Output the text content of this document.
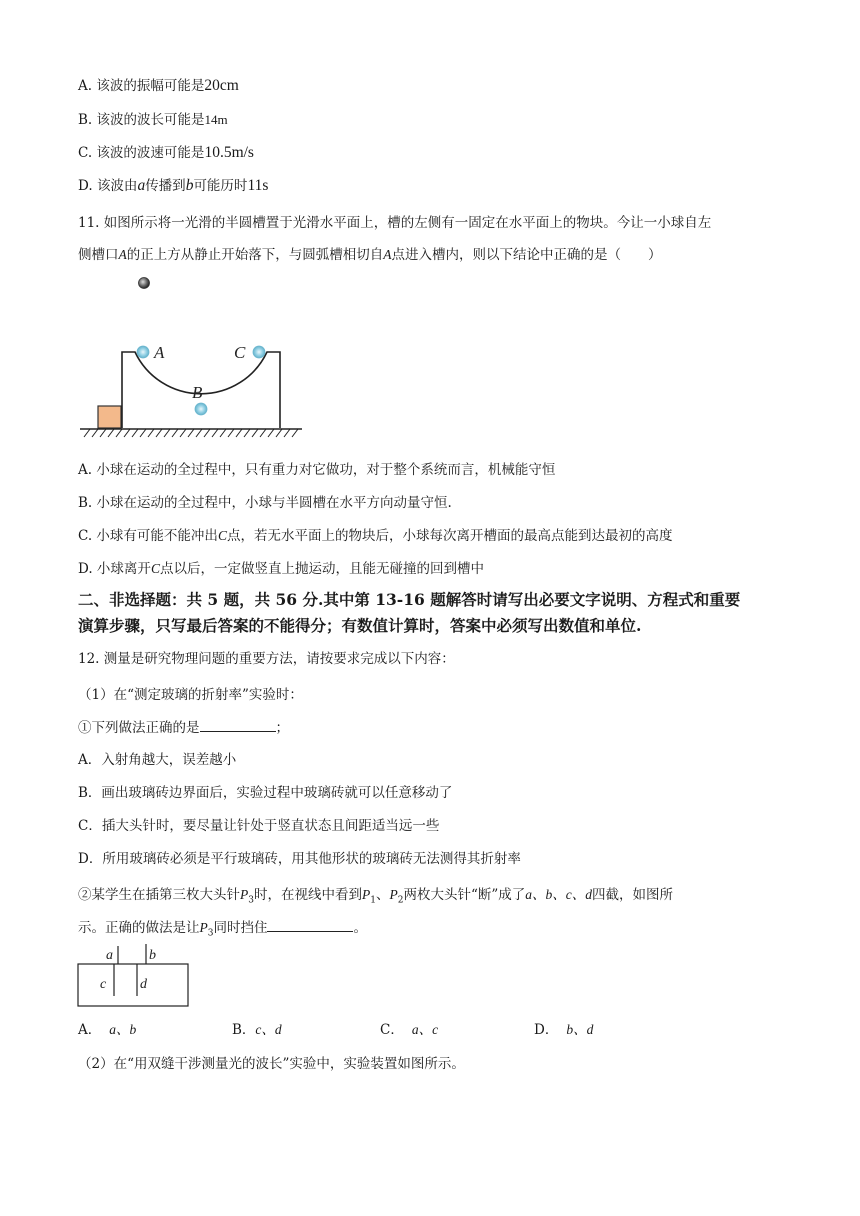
A. 该波的振幅可能是20cm
B. 该波的波长可能是14m
C. 该波的波速可能是10.5m/s
D. 该波由a传播到b可能历时11s
11. 如图所示将一光滑的半圆槽置于光滑水平面上，槽的左侧有一固定在水平面上的物块。今让一小球自左
侧槽口A的正上方从静止开始落下，与圆弧槽相切自A点进入槽内，则以下结论中正确的是（　　）
A
B
C
A. 小球在运动的全过程中，只有重力对它做功，对于整个系统而言，机械能守恒
B. 小球在运动的全过程中，小球与半圆槽在水平方向动量守恒.
C. 小球有可能不能冲出C点，若无水平面上的物块后，小球每次离开槽面的最高点能到达最初的高度
D. 小球离开C点以后，一定做竖直上抛运动，且能无碰撞的回到槽中
二、非选择题：共 5 题，共 56 分.其中第 13-16 题解答时请写出必要文字说明、方程式和重要
演算步骤，只写最后答案的不能得分；有数值计算时，答案中必须写出数值和单位.
12. 测量是研究物理问题的重要方法，请按要求完成以下内容：
（1）在“测定玻璃的折射率”实验时：
①下列做法正确的是	；
A．入射角越大，误差越小
B．画出玻璃砖边界面后，实验过程中玻璃砖就可以任意移动了
C．插大头针时，要尽量让针处于竖直状态且间距适当远一些
D．所用玻璃砖必须是平行玻璃砖，用其他形状的玻璃砖无法测得其折射率
②某学生在插第三枚大头针$P_3$时，在视线中看到$P_1$、$P_2$两枚大头针“断”成了a、b、c、d四截，如图所
示。正确的做法是让$P_3$同时挡住	。
a	b
c d
A． a、b	B．c、d	C． a、c	D． b、d
（2）在“用双缝干涉测量光的波长”实验中，实验装置如图所示。
